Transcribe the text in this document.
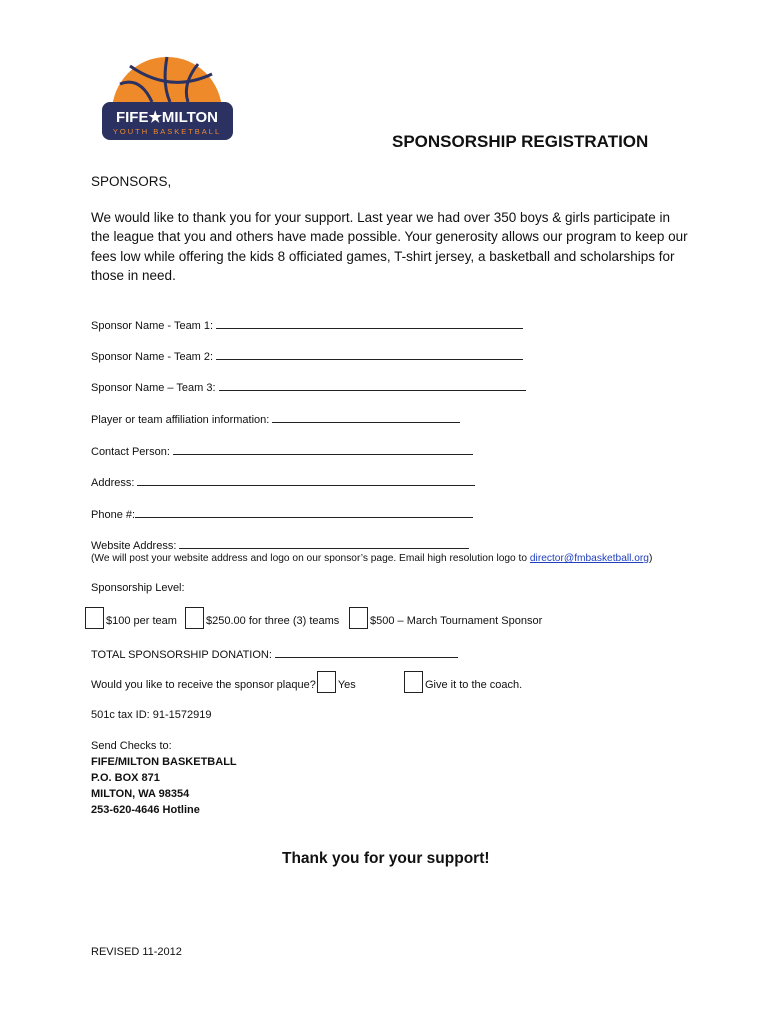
FIFE★MILTON
YOUTH BASKETBALL
SPONSORSHIP REGISTRATION
SPONSORS,
We would like to thank you for your support. Last year we had over 350 boys & girls participate in the league that you and others have made possible. Your generosity allows our program to keep our fees low while offering the kids 8 officiated games, T-shirt jersey, a basketball and scholarships for those in need.
Sponsor Name - Team 1:
Sponsor Name - Team 2:
Sponsor Name – Team 3:
Player or team affiliation information:
Contact Person:
Address:
Phone #:
Website Address:
(We will post your website address and logo on our sponsor’s page. Email high resolution logo to director@fmbasketball.org)
Sponsorship Level:
$100 per team	$250.00 for three (3) teams	$500 – March Tournament Sponsor
TOTAL SPONSORSHIP DONATION:
Would you like to receive the sponsor plaque? Yes	Give it to the coach.
501c tax ID: 91-1572919
Send Checks to:
FIFE/MILTON BASKETBALL
P.O. BOX 871
MILTON, WA 98354
253-620-4646 Hotline
Thank you for your support!
REVISED 11-2012
